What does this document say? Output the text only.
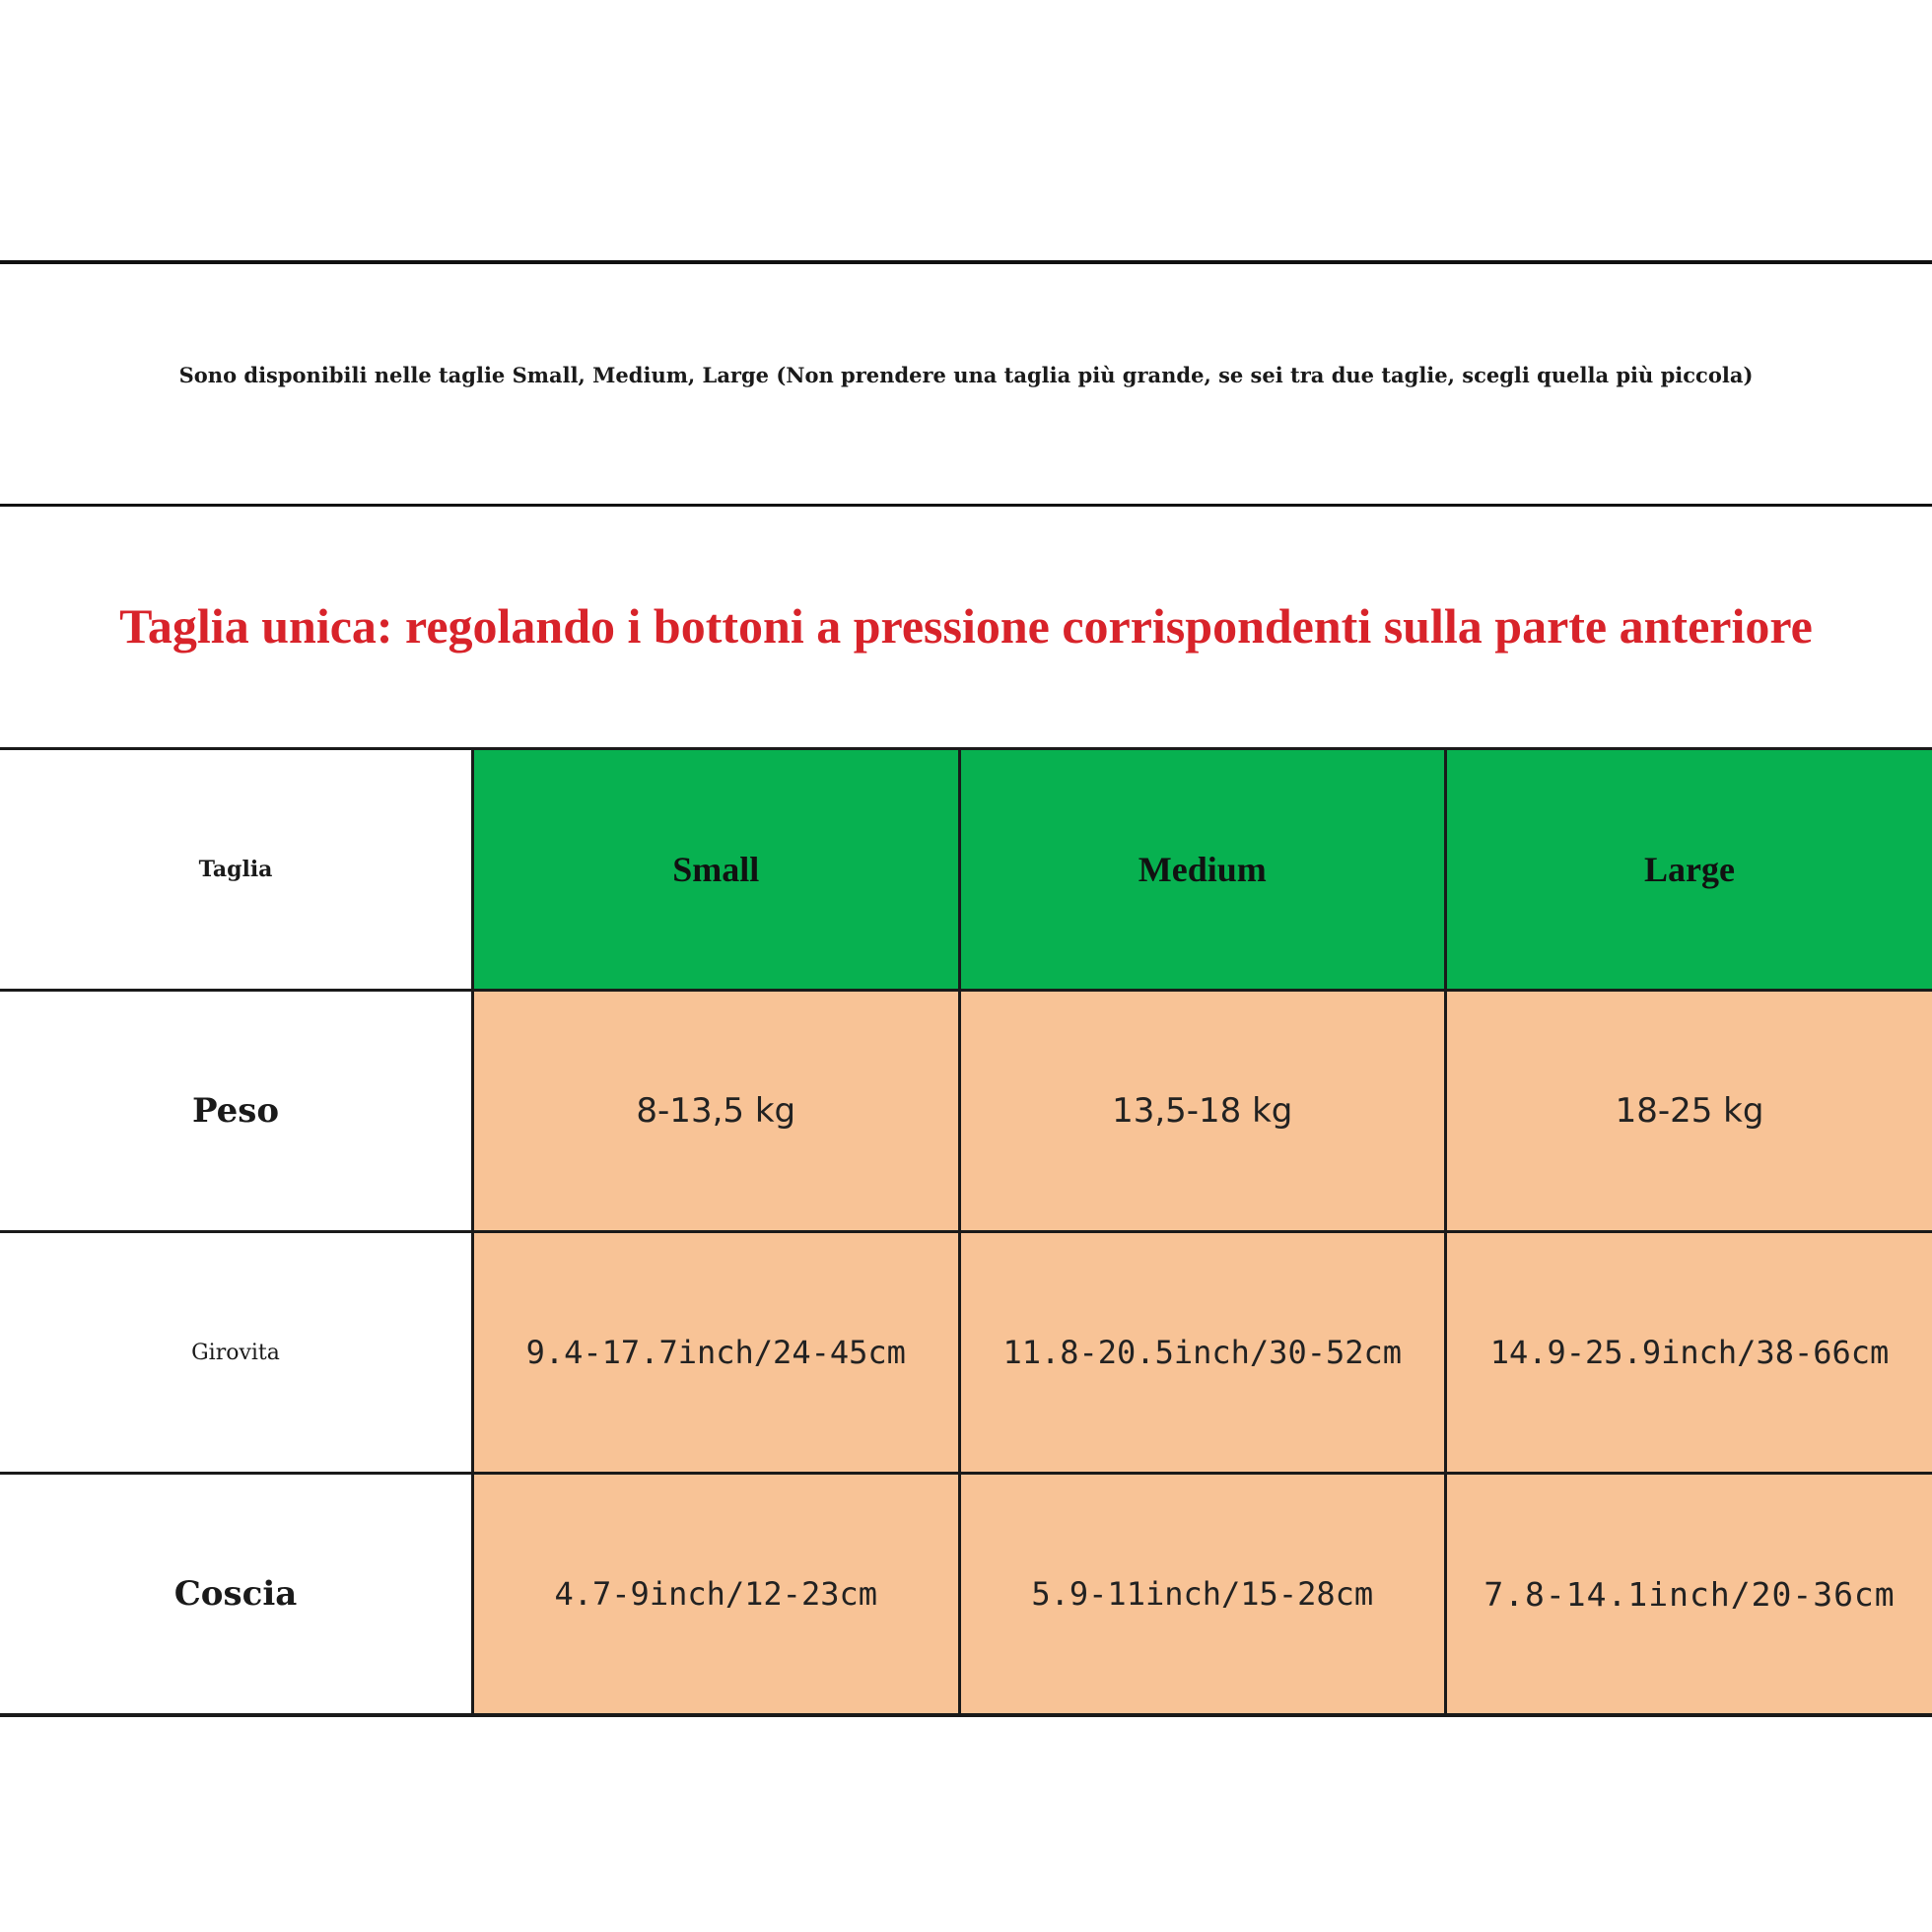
Sono disponibili nelle taglie Small, Medium, Large (Non prendere una taglia più grande, se sei tra due taglie, scegli quella più piccola)
Taglia unica: regolando i bottoni a pressione corrispondenti sulla parte anteriore
Taglia	Small	Medium	Large
Peso	8-13,5 kg	13,5-18 kg	18-25 kg
Girovita	9.4-17.7inch/24-45cm	11.8-20.5inch/30-52cm	14.9-25.9inch/38-66cm
Coscia	4.7-9inch/12-23cm	5.9-11inch/15-28cm	7.8-14.1inch/20-36cm
